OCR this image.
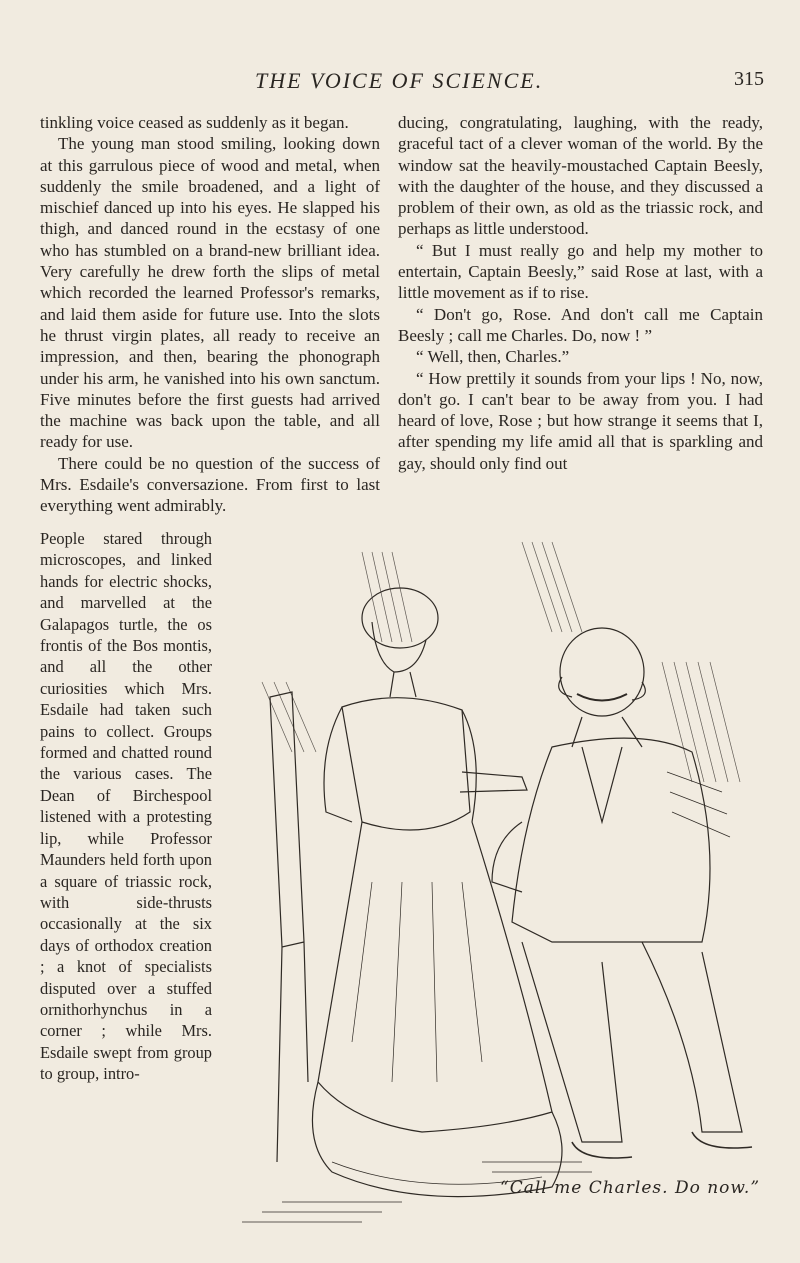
THE VOICE OF SCIENCE.	315

tinkling voice ceased as suddenly as it began.

The young man stood smiling, looking down at this garrulous piece of wood and metal, when suddenly the smile broadened, and a light of mischief danced up into his eyes. He slapped his thigh, and danced round in the ecstasy of one who has stumbled on a brand-new brilliant idea. Very carefully he drew forth the slips of metal which recorded the learned Professor's remarks, and laid them aside for future use. Into the slots he thrust virgin plates, all ready to receive an impression, and then, bearing the phonograph under his arm, he vanished into his own sanctum. Five minutes before the first guests had arrived the machine was back upon the table, and all ready for use.

There could be no question of the success of Mrs. Esdaile's conversazione. From first to last everything went admirably.

People stared through microscopes, and linked hands for electric shocks, and marvelled at the Galapagos turtle, the os frontis of the Bos montis, and all the other curiosities which Mrs. Esdaile had taken such pains to collect. Groups formed and chatted round the various cases. The Dean of Birchespool listened with a protesting lip, while Professor Maunders held forth upon a square of triassic rock, with side-thrusts occasionally at the six days of orthodox creation ; a knot of specialists disputed over a stuffed ornithorhynchus in a corner ; while Mrs. Esdaile swept from group to group, intro-

ducing, congratulating, laughing, with the ready, graceful tact of a clever woman of the world. By the window sat the heavily-moustached Captain Beesly, with the daughter of the house, and they discussed a problem of their own, as old as the triassic rock, and perhaps as little understood.

“ But I must really go and help my mother to entertain, Captain Beesly,” said Rose at last, with a little movement as if to rise.

“ Don't go, Rose. And don't call me Captain Beesly ; call me Charles. Do, now ! ”

“ Well, then, Charles.”

“ How prettily it sounds from your lips ! No, now, don't go. I can't bear to be away from you. I had heard of love, Rose ; but how strange it seems that I, after spending my life amid all that is sparkling and gay, should only find out

“Call me Charles. Do now.”
